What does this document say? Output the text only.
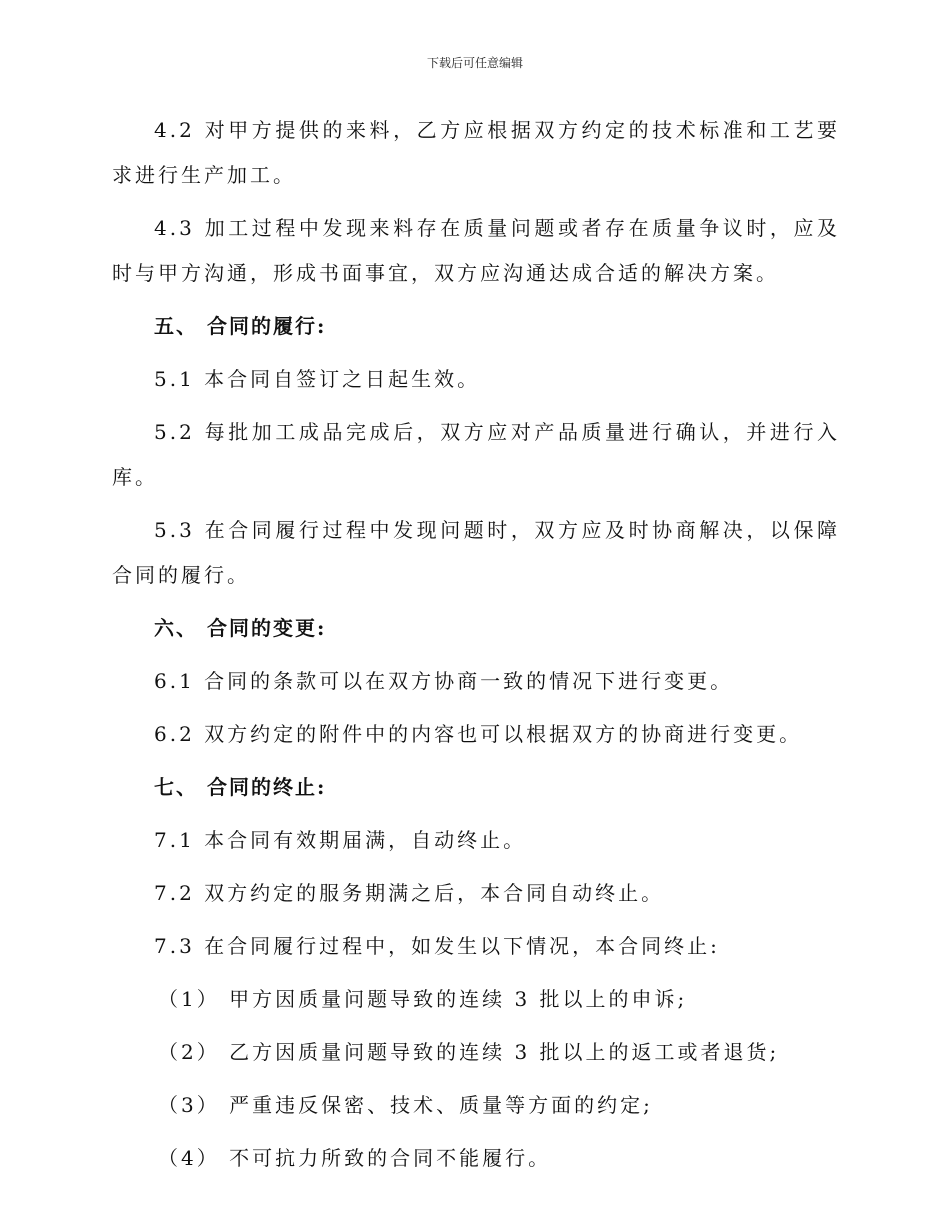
下载后可任意编辑

4.2 对甲方提供的来料，乙方应根据双方约定的技术标准和工艺要求进行生产加工。

4.3 加工过程中发现来料存在质量问题或者存在质量争议时，应及时与甲方沟通，形成书面事宜，双方应沟通达成合适的解决方案。

五、 合同的履行:

5.1 本合同自签订之日起生效。

5.2 每批加工成品完成后，双方应对产品质量进行确认，并进行入库。

5.3 在合同履行过程中发现问题时，双方应及时协商解决，以保障合同的履行。

六、 合同的变更:

6.1 合同的条款可以在双方协商一致的情况下进行变更。

6.2 双方约定的附件中的内容也可以根据双方的协商进行变更。

七、 合同的终止:

7.1 本合同有效期届满，自动终止。

7.2 双方约定的服务期满之后，本合同自动终止。

7.3 在合同履行过程中，如发生以下情况，本合同终止:

（1） 甲方因质量问题导致的连续 3 批以上的申诉;

（2） 乙方因质量问题导致的连续 3 批以上的返工或者退货;

（3） 严重违反保密、技术、质量等方面的约定;

（4） 不可抗力所致的合同不能履行。
